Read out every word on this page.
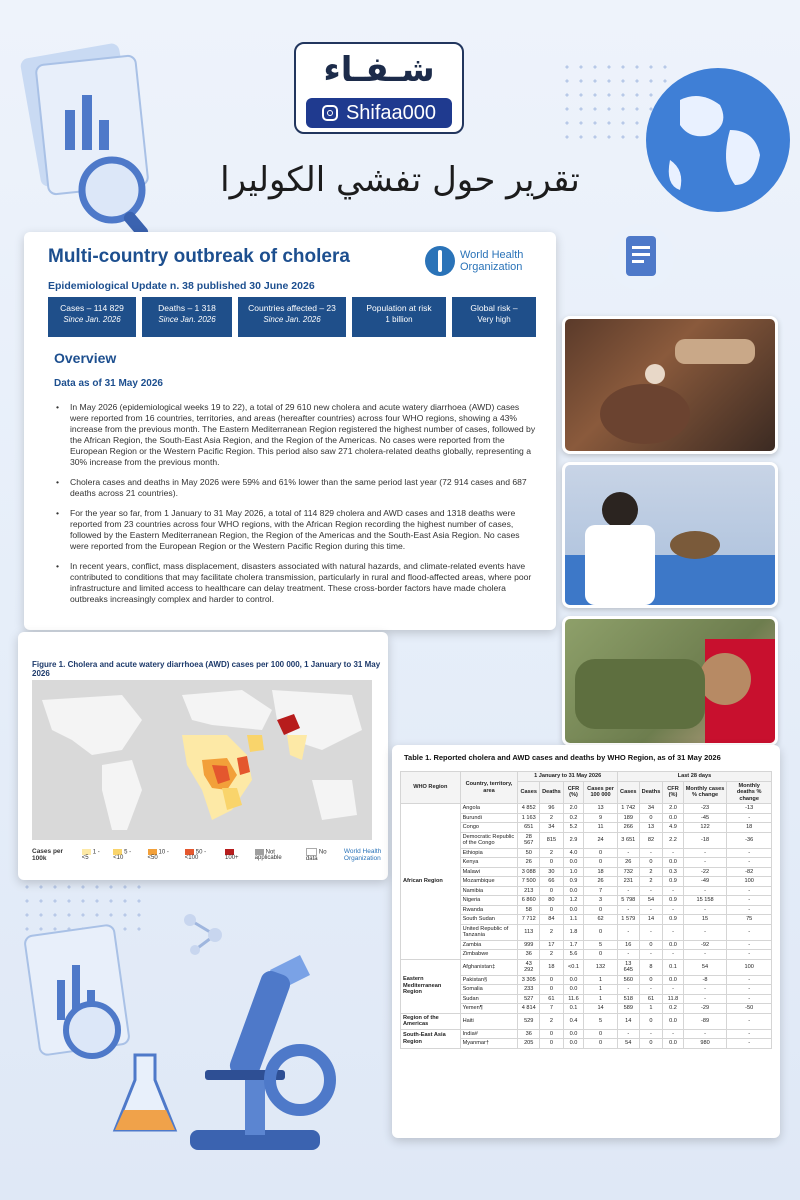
شـفـاء
Shifaa000
تقرير حول تفشي الكوليرا
Multi-country outbreak of cholera	World Health Organization
Epidemiological Update n. 38 published 30 June 2026
Cases – 114 829
Since Jan. 2026
Deaths – 1 318
Since Jan. 2026
Countries affected – 23
Since Jan. 2026
Population at risk
1 billion
Global risk –
Very high
Overview
Data as of 31 May 2026
• In May 2026 (epidemiological weeks 19 to 22), a total of 29 610 new cholera and acute watery diarrhoea (AWD) cases were reported from 16 countries, territories, and areas (hereafter countries) across four WHO regions, showing a 43% increase from the previous month. The Eastern Mediterranean Region registered the highest number of cases, followed by the African Region, the South-East Asia Region, and the Region of the Americas. No cases were reported from the European Region or the Western Pacific Region. This period also saw 271 cholera-related deaths globally, representing a 30% increase from the previous month.
• Cholera cases and deaths in May 2026 were 59% and 61% lower than the same period last year (72 914 cases and 687 deaths across 21 countries).
• For the year so far, from 1 January to 31 May 2026, a total of 114 829 cholera and AWD cases and 1318 deaths were reported from 23 countries across four WHO regions, with the African Region recording the highest number of cases, followed by the Eastern Mediterranean Region, the Region of the Americas and the South-East Asia Region. No cases were reported from the European Region or the Western Pacific Region during this time.
• In recent years, conflict, mass displacement, disasters associated with natural hazards, and climate-related events have contributed to conditions that may facilitate cholera transmission, particularly in rural and flood-affected areas, where poor infrastructure and limited access to healthcare can delay treatment. These cross-border factors have made cholera outbreaks increasingly complex and harder to control.
Figure 1. Cholera and acute watery diarrhoea (AWD) cases per 100 000, 1 January to 31 May 2026
Cases per 100k
1 - <5
5 - <10
10 - <50
50 - <100	100+
Not applicable
No data
World Health Organization
Table 1. Reported cholera and AWD cases and deaths by WHO Region, as of 31 May 2026
WHO Region	Country, territory, area	1 January to 31 May 2026				Last 28 days				
		Cases	Deaths	CFR (%)	Cases per 100 000	Cases	Deaths	CFR (%)	Monthly cases % change	Monthly deaths % change
African Region	Angola	4 852	96	2.0	13	1 742	34	2.0	-23	-13
	Burundi	1 163	2	0.2	9	189	0	0.0	-45	-
	Congo	651	34	5.2	11	266	13	4.9	122	18
	Democratic Republic of the Congo	28 567	815	2.9	24	3 651	82	2.2	-18	-36
	Ethiopia	50	2	4.0	0	-	-	-	-	-
	Kenya	26	0	0.0	0	26	0	0.0	-	-
	Malawi	3 088	30	1.0	18	732	2	0.3	-22	-82
	Mozambique	7 500	66	0.9	26	231	2	0.9	-49	100
	Namibia	213	0	0.0	7	-	-	-	-	-
	Nigeria	6 860	80	1.2	3	5 798	54	0.9	15 158	-
	Rwanda	58	0	0.0	0	-	-	-	-	-
	South Sudan	7 712	84	1.1	62	1 579	14	0.9	15	75
	United Republic of Tanzania	113	2	1.8	0	-	-	-	-	-
	Zambia	999	17	1.7	5	16	0	0.0	-92	-
	Zimbabwe	36	2	5.6	0	-	-	-	-	-
Eastern Mediterranean Region	Afghanistan‡	43 292	18	<0.1	132	13 645	8	0.1	54	100
	Pakistan§	3 305	0	0.0	1	560	0	0.0	-8	-
	Somalia	233	0	0.0	1	-	-	-	-	-
	Sudan	527	61	11.6	1	518	61	11.8	-	-
	Yemen¶	4 814	7	0.1	14	589	1	0.2	-29	-50
Region of the Americas	Haiti	529	2	0.4	5	14	0	0.0	-89	-
South-East Asia Region	India#	36	0	0.0	0	-	-	-	-	-
	Myanmar†	205	0	0.0	0	54	0	0.0	980	-
